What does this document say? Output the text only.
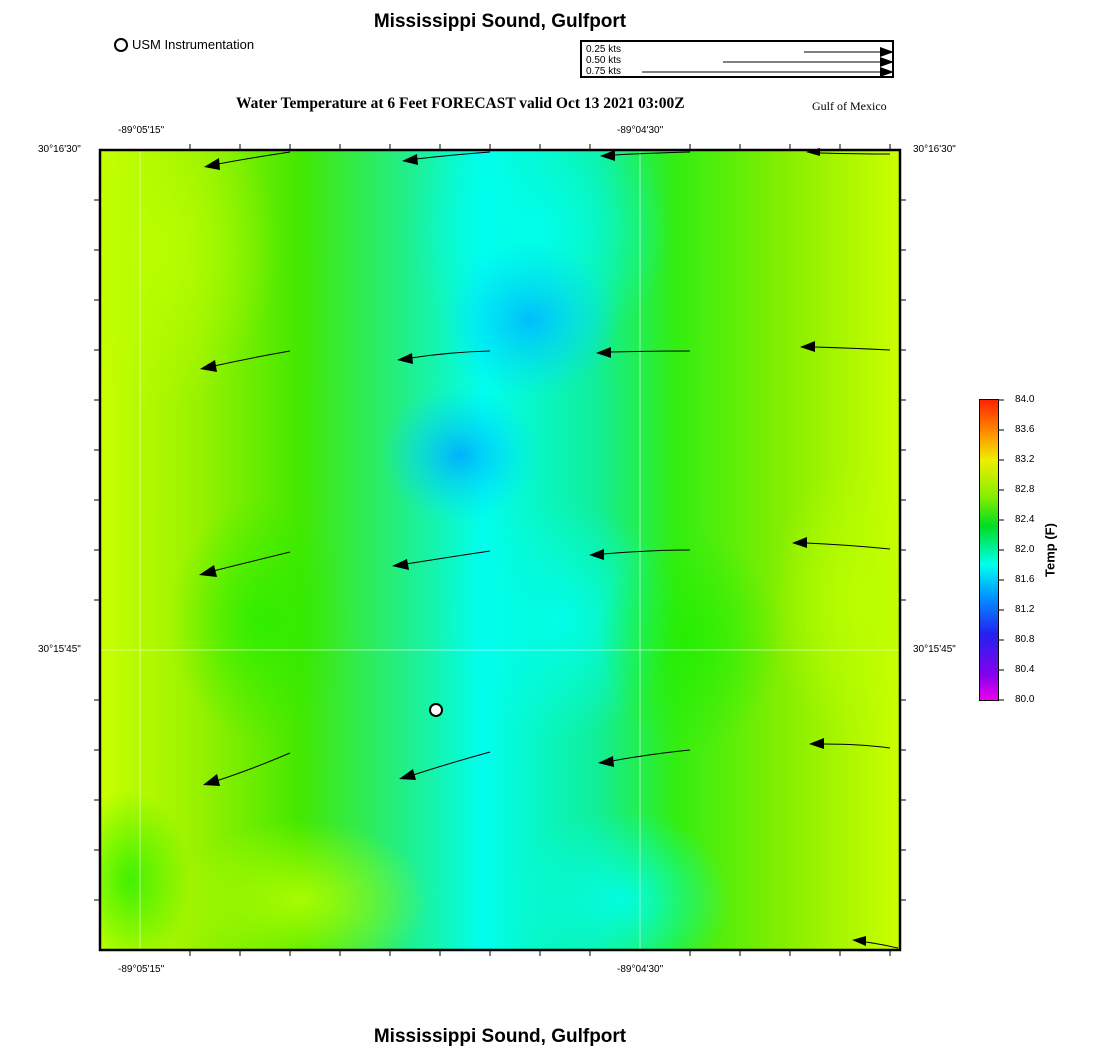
Mississippi Sound, Gulfport
USM Instrumentation	0.25 kts
0.50 kts
0.75 kts
Water Temperature at 6 Feet FORECAST valid Oct 13 2021 03:00Z	Gulf of Mexico
-89°05'15"	-89°04'30"
-89°05'15"	-89°04'30"
30°16'30"
30°15'45"
30°16'30"
30°15'45"
84.0
83.6
83.2
82.8
82.4
82.0
81.6
81.2
80.8
80.4
80.0
Temp (F)
Mississippi Sound, Gulfport
